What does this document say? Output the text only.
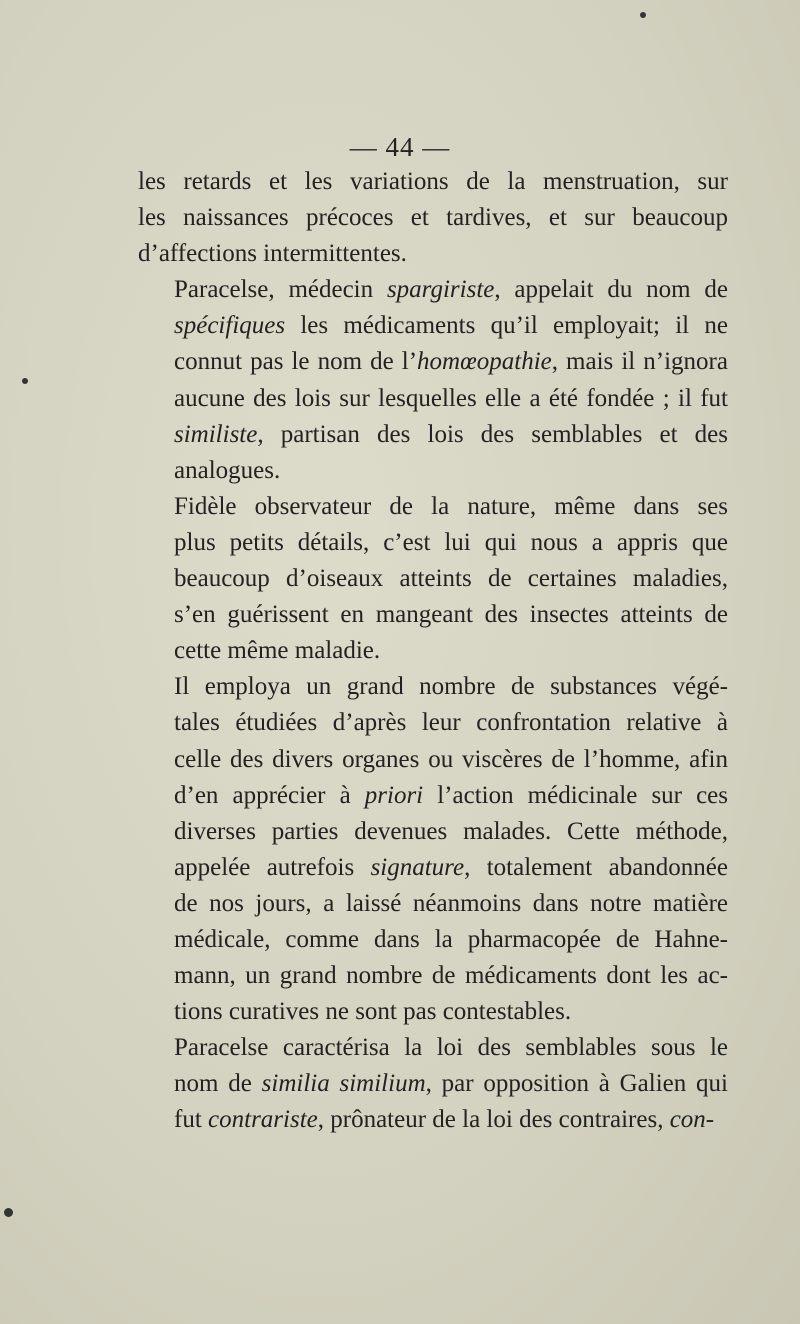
— 44 —

les retards et les variations de la menstruation, sur
les naissances précoces et tardives, et sur beaucoup
d’affections intermittentes.

Paracelse, médecin spargiriste, appelait du nom de
spécifiques les médicaments qu’il employait; il ne
connut pas le nom de l’homœopathie, mais il n’ignora
aucune des lois sur lesquelles elle a été fondée ; il fut
similiste, partisan des lois des semblables et des
analogues.

Fidèle observateur de la nature, même dans ses
plus petits détails, c’est lui qui nous a appris que
beaucoup d’oiseaux atteints de certaines maladies,
s’en guérissent en mangeant des insectes atteints de
cette même maladie.

Il employa un grand nombre de substances végé-
tales étudiées d’après leur confrontation relative à
celle des divers organes ou viscères de l’homme, afin
d’en apprécier à priori l’action médicinale sur ces
diverses parties devenues malades. Cette méthode,
appelée autrefois signature, totalement abandonnée
de nos jours, a laissé néanmoins dans notre matière
médicale, comme dans la pharmacopée de Hahne-
mann, un grand nombre de médicaments dont les ac-
tions curatives ne sont pas contestables.

Paracelse caractérisa la loi des semblables sous le
nom de similia similium, par opposition à Galien qui
fut contrariste, prônateur de la loi des contraires, con-
